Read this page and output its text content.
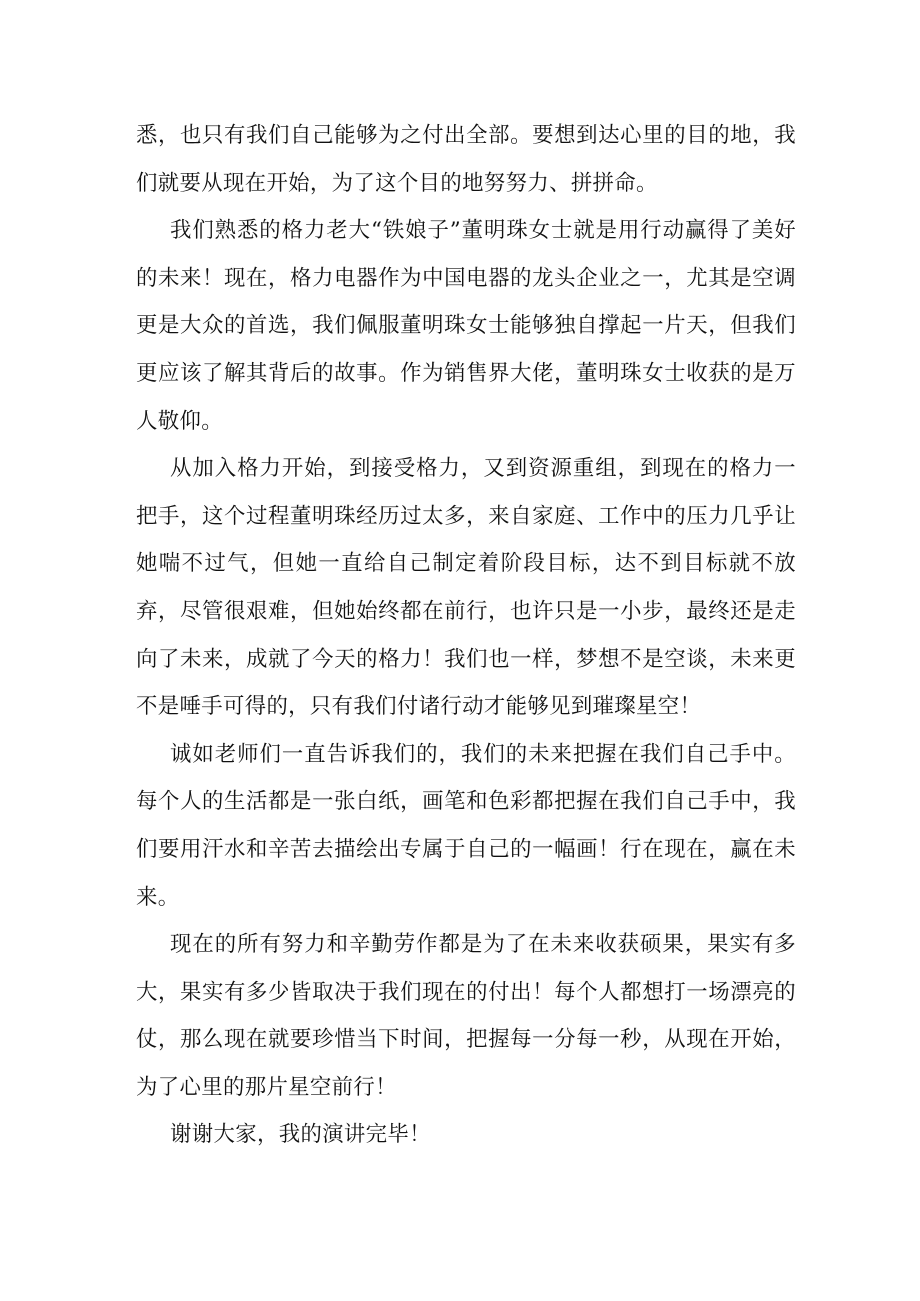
悉，也只有我们自己能够为之付出全部。要想到达心里的目的地，我们就要从现在开始，为了这个目的地努努力、拼拼命。

我们熟悉的格力老大“铁娘子”董明珠女士就是用行动赢得了美好的未来！现在，格力电器作为中国电器的龙头企业之一，尤其是空调更是大众的首选，我们佩服董明珠女士能够独自撑起一片天，但我们更应该了解其背后的故事。作为销售界大佬，董明珠女士收获的是万人敬仰。

从加入格力开始，到接受格力，又到资源重组，到现在的格力一把手，这个过程董明珠经历过太多，来自家庭、工作中的压力几乎让她喘不过气，但她一直给自己制定着阶段目标，达不到目标就不放弃，尽管很艰难，但她始终都在前行，也许只是一小步，最终还是走向了未来，成就了今天的格力！我们也一样，梦想不是空谈，未来更不是唾手可得的，只有我们付诸行动才能够见到璀璨星空！

诚如老师们一直告诉我们的，我们的未来把握在我们自己手中。每个人的生活都是一张白纸，画笔和色彩都把握在我们自己手中，我们要用汗水和辛苦去描绘出专属于自己的一幅画！行在现在，赢在未来。

现在的所有努力和辛勤劳作都是为了在未来收获硕果，果实有多大，果实有多少皆取决于我们现在的付出！每个人都想打一场漂亮的仗，那么现在就要珍惜当下时间，把握每一分每一秒，从现在开始，为了心里的那片星空前行！

谢谢大家，我的演讲完毕！
